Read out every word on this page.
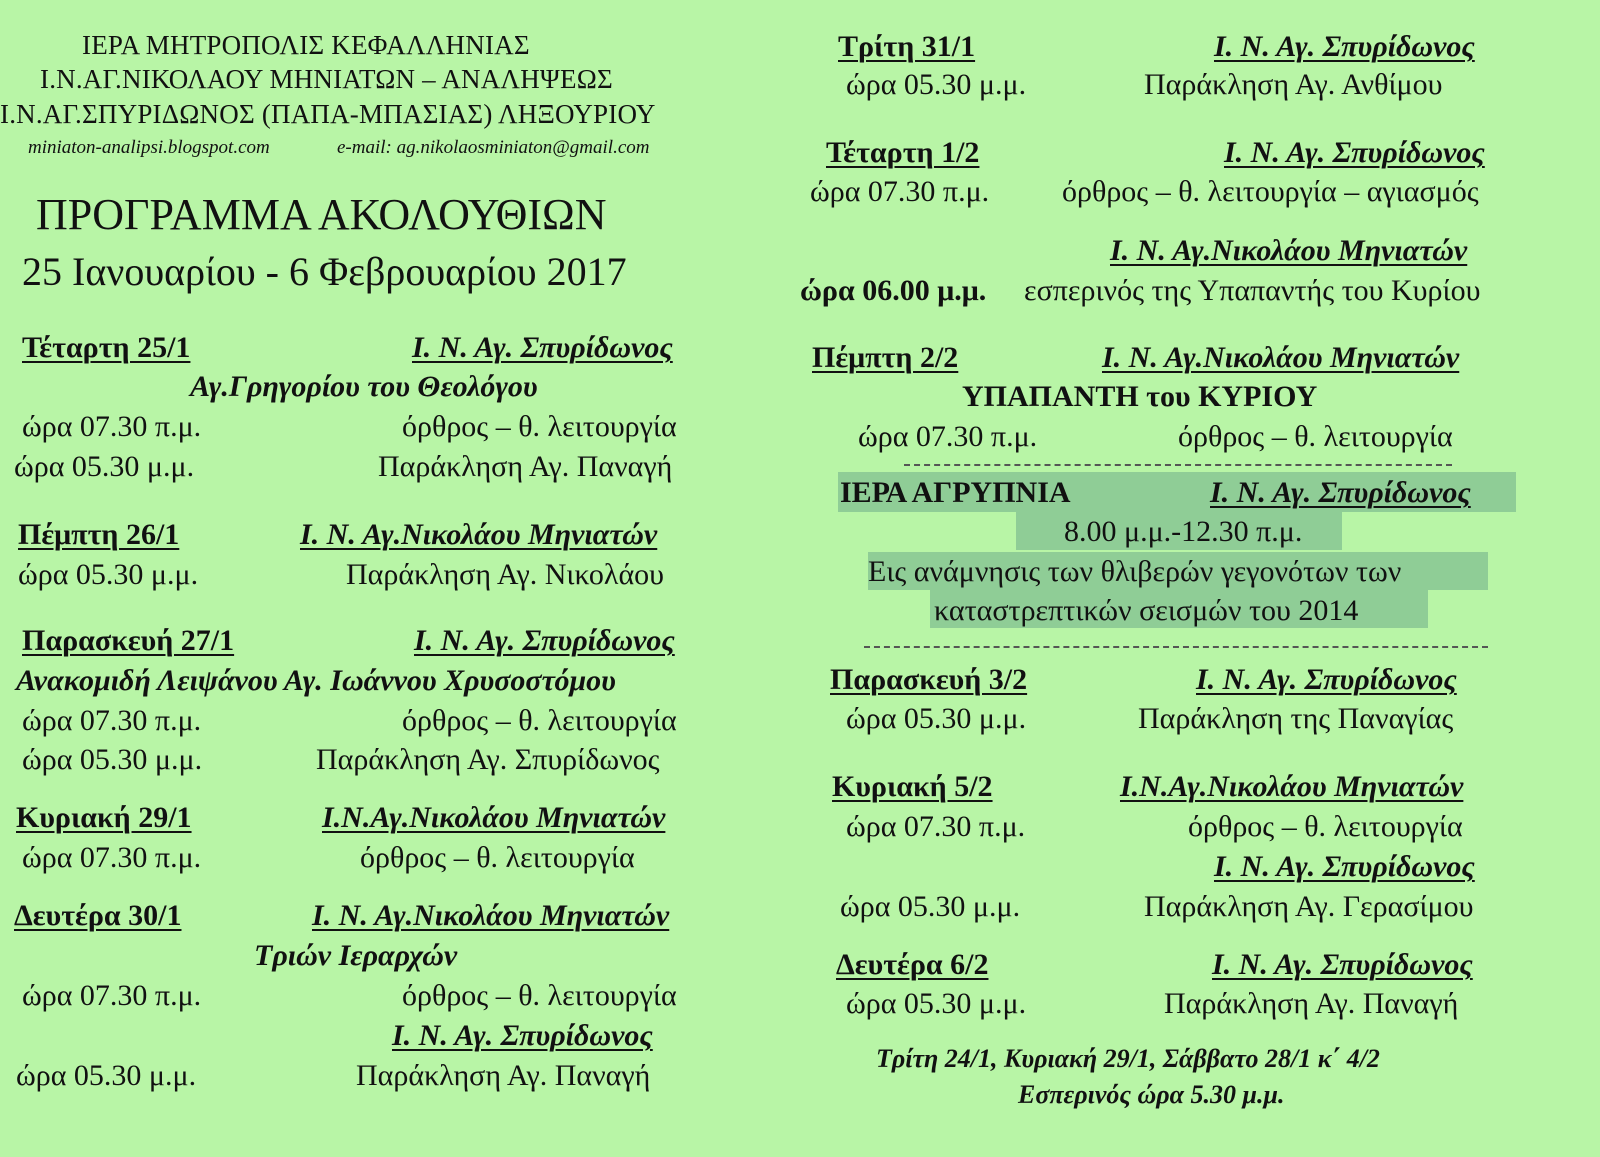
ΙΕΡΑ ΜΗΤΡΟΠΟΛΙΣ ΚΕΦΑΛΛΗΝΙΑΣ
Ι.Ν.ΑΓ.ΝΙΚΟΛΑΟΥ ΜΗΝΙΑΤΩΝ – ΑΝΑΛΗΨΕΩΣ
Ι.Ν.ΑΓ.ΣΠΥΡΙΔΩΝΟΣ (ΠΑΠΑ-ΜΠΑΣΙΑΣ) ΛΗΞΟΥΡΙΟΥ
miniaton-analipsi.blogspot.com	e-mail: ag.nikolaosminiaton@gmail.com
ΠΡΟΓΡΑΜΜΑ ΑΚΟΛΟΥΘΙΩΝ
25 Ιανουαρίου - 6 Φεβρουαρίου 2017
Τέταρτη 25/1	Ι. Ν. Αγ. Σπυρίδωνος
Αγ.Γρηγορίου του Θεολόγου
ώρα 07.30 π.μ.	όρθρος – θ. λειτουργία
ώρα 05.30 μ.μ.	Παράκληση Αγ. Παναγή
Πέμπτη 26/1	Ι. Ν. Αγ.Νικολάου Μηνιατών
ώρα 05.30 μ.μ.	Παράκληση Αγ. Νικολάου
Παρασκευή 27/1	Ι. Ν. Αγ. Σπυρίδωνος
Ανακομιδή Λειψάνου Αγ. Ιωάννου Χρυσοστόμου
ώρα 07.30 π.μ.	όρθρος – θ. λειτουργία
ώρα 05.30 μ.μ.	Παράκληση Αγ. Σπυρίδωνος
Κυριακή 29/1	Ι.Ν.Αγ.Νικολάου Μηνιατών
ώρα 07.30 π.μ.	όρθρος – θ. λειτουργία
Δευτέρα 30/1	Ι. Ν. Αγ.Νικολάου Μηνιατών
Τριών Ιεραρχών
ώρα 07.30 π.μ.	όρθρος – θ. λειτουργία
Ι. Ν. Αγ. Σπυρίδωνος
ώρα 05.30 μ.μ.	Παράκληση Αγ. Παναγή
Τρίτη 31/1	Ι. Ν. Αγ. Σπυρίδωνος
ώρα 05.30 μ.μ.	Παράκληση Αγ. Ανθίμου
Τέταρτη 1/2	Ι. Ν. Αγ. Σπυρίδωνος
ώρα 07.30 π.μ. όρθρος – θ. λειτουργία – αγιασμός
Ι. Ν. Αγ.Νικολάου Μηνιατών
ώρα 06.00 μ.μ. εσπερινός της Υπαπαντής του Κυρίου
Πέμπτη 2/2	Ι. Ν. Αγ.Νικολάου Μηνιατών
ΥΠΑΠΑΝΤΗ του ΚΥΡΙΟΥ
ώρα 07.30 π.μ.	όρθρος – θ. λειτουργία
ΙΕΡΑ ΑΓΡΥΠΝΙΑ	Ι. Ν. Αγ. Σπυρίδωνος
8.00 μ.μ.-12.30 π.μ.
Εις ανάμνησις των θλιβερών γεγονότων των
καταστρεπτικών σεισμών του 2014
Παρασκευή 3/2	Ι. Ν. Αγ. Σπυρίδωνος
ώρα 05.30 μ.μ.	Παράκληση της Παναγίας
Κυριακή 5/2	Ι.Ν.Αγ.Νικολάου Μηνιατών
ώρα 07.30 π.μ.	όρθρος – θ. λειτουργία
Ι. Ν. Αγ. Σπυρίδωνος
ώρα 05.30 μ.μ.	Παράκληση Αγ. Γερασίμου
Δευτέρα 6/2	Ι. Ν. Αγ. Σπυρίδωνος
ώρα 05.30 μ.μ.	Παράκληση Αγ. Παναγή
Τρίτη 24/1, Κυριακή 29/1, Σάββατο 28/1 κ΄ 4/2
Εσπερινός ώρα 5.30 μ.μ.
